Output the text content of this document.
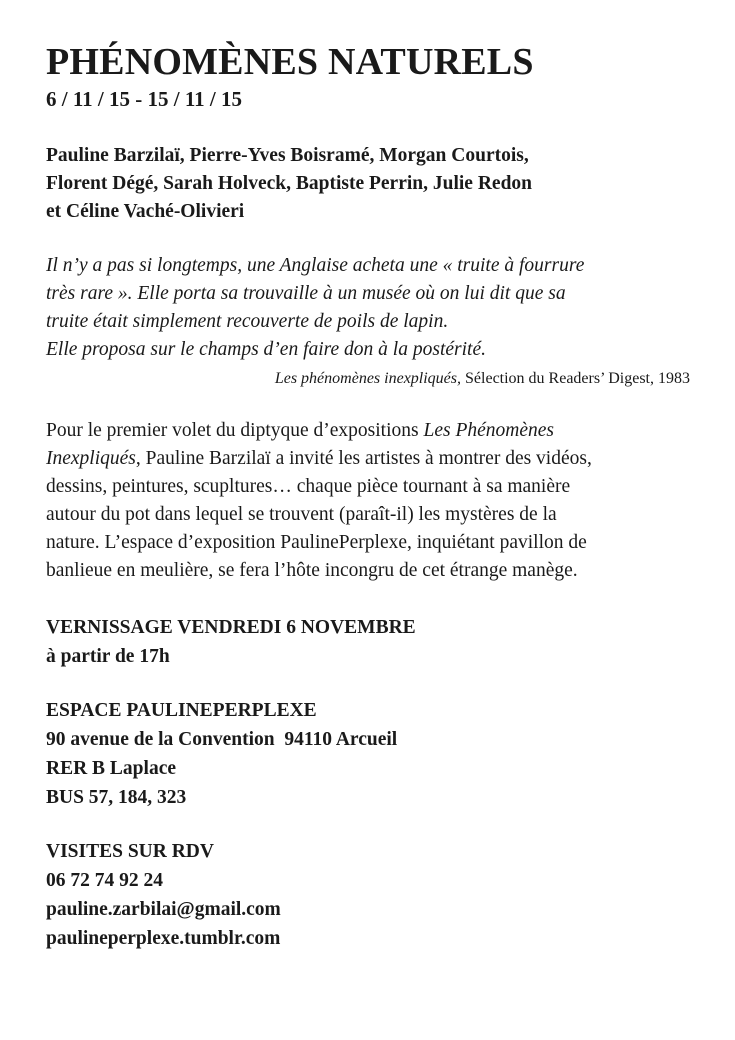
PHÉNOMÈNES NATURELS
6 / 11 / 15 - 15 / 11 / 15
Pauline Barzilaï, Pierre-Yves Boisramé, Morgan Courtois,
Florent Dégé, Sarah Holveck, Baptiste Perrin, Julie Redon
et Céline Vaché-Olivieri
Il n’y a pas si longtemps, une Anglaise acheta une « truite à fourrure
très rare ». Elle porta sa trouvaille à un musée où on lui dit que sa
truite était simplement recouverte de poils de lapin.
Elle proposa sur le champs d’en faire don à la postérité.
Les phénomènes inexpliqués, Sélection du Readers’ Digest, 1983
Pour le premier volet du diptyque d’expositions Les Phénomènes
Inexpliqués, Pauline Barzilaï a invité les artistes à montrer des vidéos,
dessins, peintures, scupltures… chaque pièce tournant à sa manière
autour du pot dans lequel se trouvent (paraît-il) les mystères de la
nature. L’espace d’exposition PaulinePerplexe, inquiétant pavillon de
banlieue en meulière, se fera l’hôte incongru de cet étrange manège.
VERNISSAGE VENDREDI 6 NOVEMBRE
à partir de 17h
ESPACE PAULINEPERPLEXE
90 avenue de la Convention  94110 Arcueil
RER B Laplace
BUS 57, 184, 323
VISITES SUR RDV
06 72 74 92 24
pauline.zarbilai@gmail.com
paulineperplexe.tumblr.com
